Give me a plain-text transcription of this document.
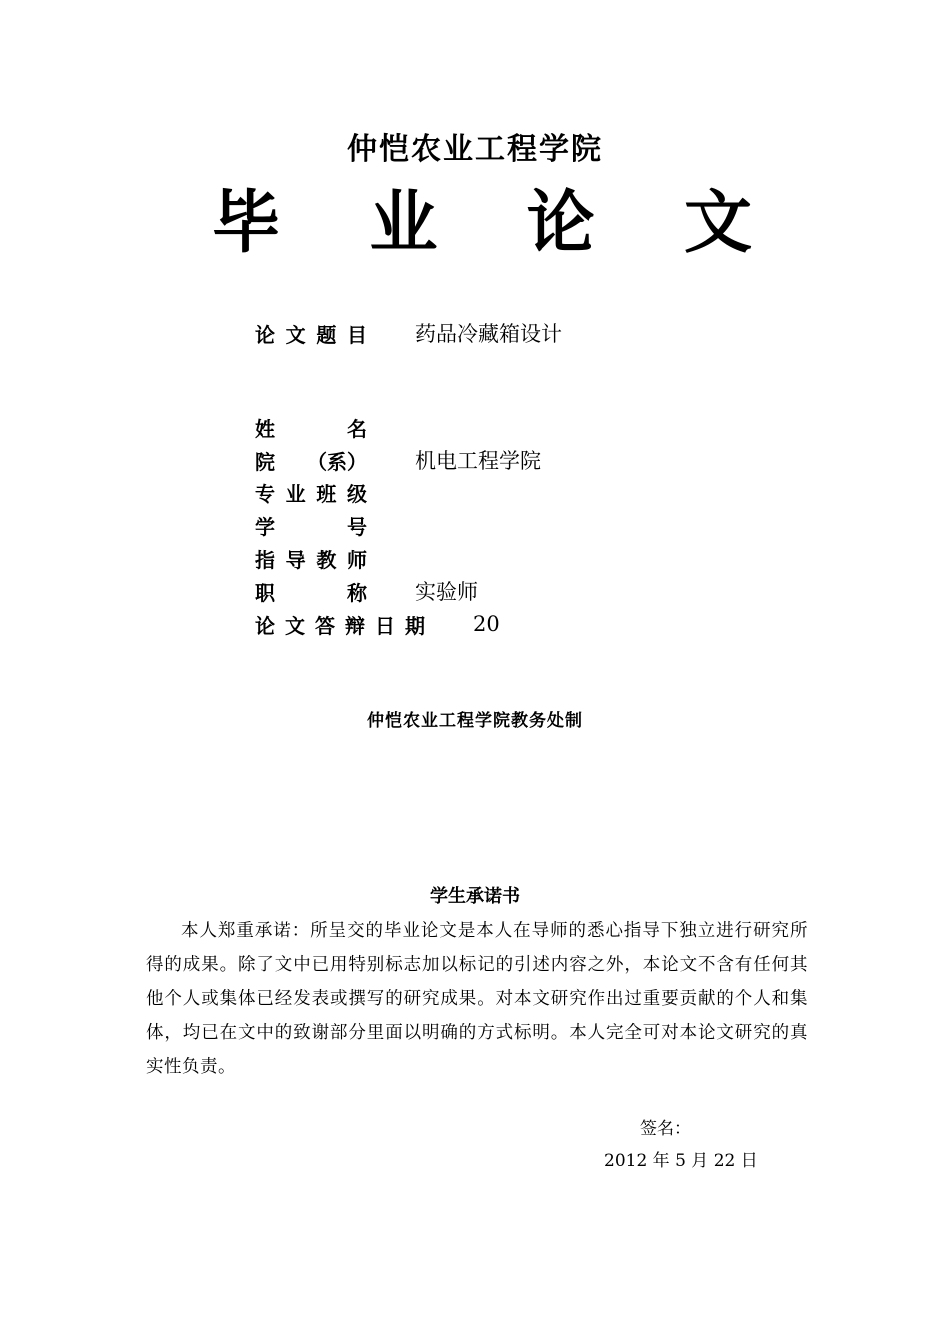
仲恺农业工程学院
毕 业 论 文
论 文 题 目 药品冷藏箱设计
姓	名
院 （系） 机电工程学院
专 业 班 级
学	号
指 导 教 师
职	称 实验师
论 文 答 辩 日 期 20
仲恺农业工程学院教务处制
学生承诺书
本人郑重承诺：所呈交的毕业论文是本人在导师的悉心指导下独立进行研究所得的成果。除了文中已用特别标志加以标记的引述内容之外，本论文不含有任何其他个人或集体已经发表或撰写的研究成果。对本文研究作出过重要贡献的个人和集体，均已在文中的致谢部分里面以明确的方式标明。本人完全可对本论文研究的真实性负责。
签名：
2012 年 5 月 22 日
